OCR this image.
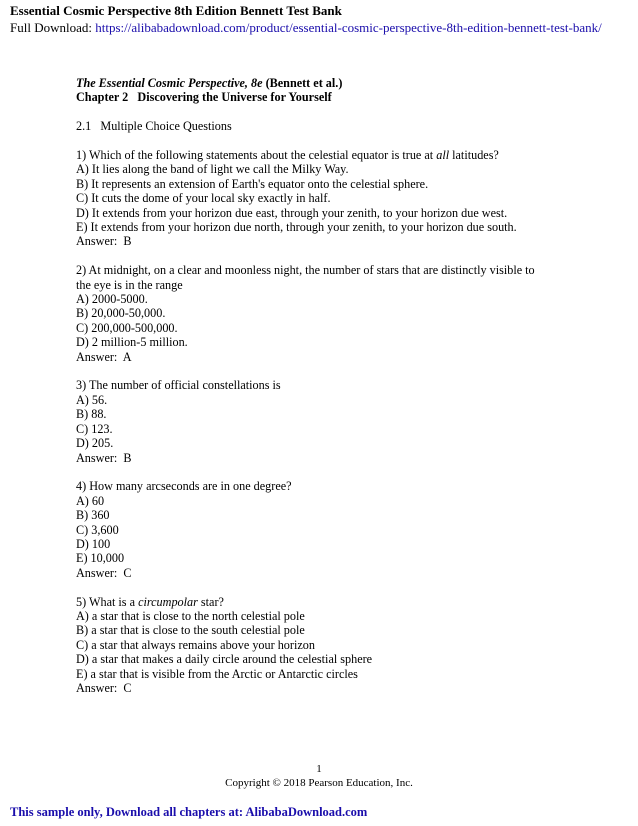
Essential Cosmic Perspective 8th Edition Bennett Test Bank
Full Download: https://alibabadownload.com/product/essential-cosmic-perspective-8th-edition-bennett-test-bank/
The Essential Cosmic Perspective, 8e (Bennett et al.)
Chapter 2   Discovering the Universe for Yourself
2.1   Multiple Choice Questions
1) Which of the following statements about the celestial equator is true at all latitudes?
A) It lies along the band of light we call the Milky Way.
B) It represents an extension of Earth's equator onto the celestial sphere.
C) It cuts the dome of your local sky exactly in half.
D) It extends from your horizon due east, through your zenith, to your horizon due west.
E) It extends from your horizon due north, through your zenith, to your horizon due south.
Answer:  B
2) At midnight, on a clear and moonless night, the number of stars that are distinctly visible to
the eye is in the range
A) 2000-5000.
B) 20,000-50,000.
C) 200,000-500,000.
D) 2 million-5 million.
Answer:  A
3) The number of official constellations is
A) 56.
B) 88.
C) 123.
D) 205.
Answer:  B
4) How many arcseconds are in one degree?
A) 60
B) 360
C) 3,600
D) 100
E) 10,000
Answer:  C
5) What is a circumpolar star?
A) a star that is close to the north celestial pole
B) a star that is close to the south celestial pole
C) a star that always remains above your horizon
D) a star that makes a daily circle around the celestial sphere
E) a star that is visible from the Arctic or Antarctic circles
Answer:  C
1
Copyright © 2018 Pearson Education, Inc.
This sample only, Download all chapters at: AlibabaDownload.com
